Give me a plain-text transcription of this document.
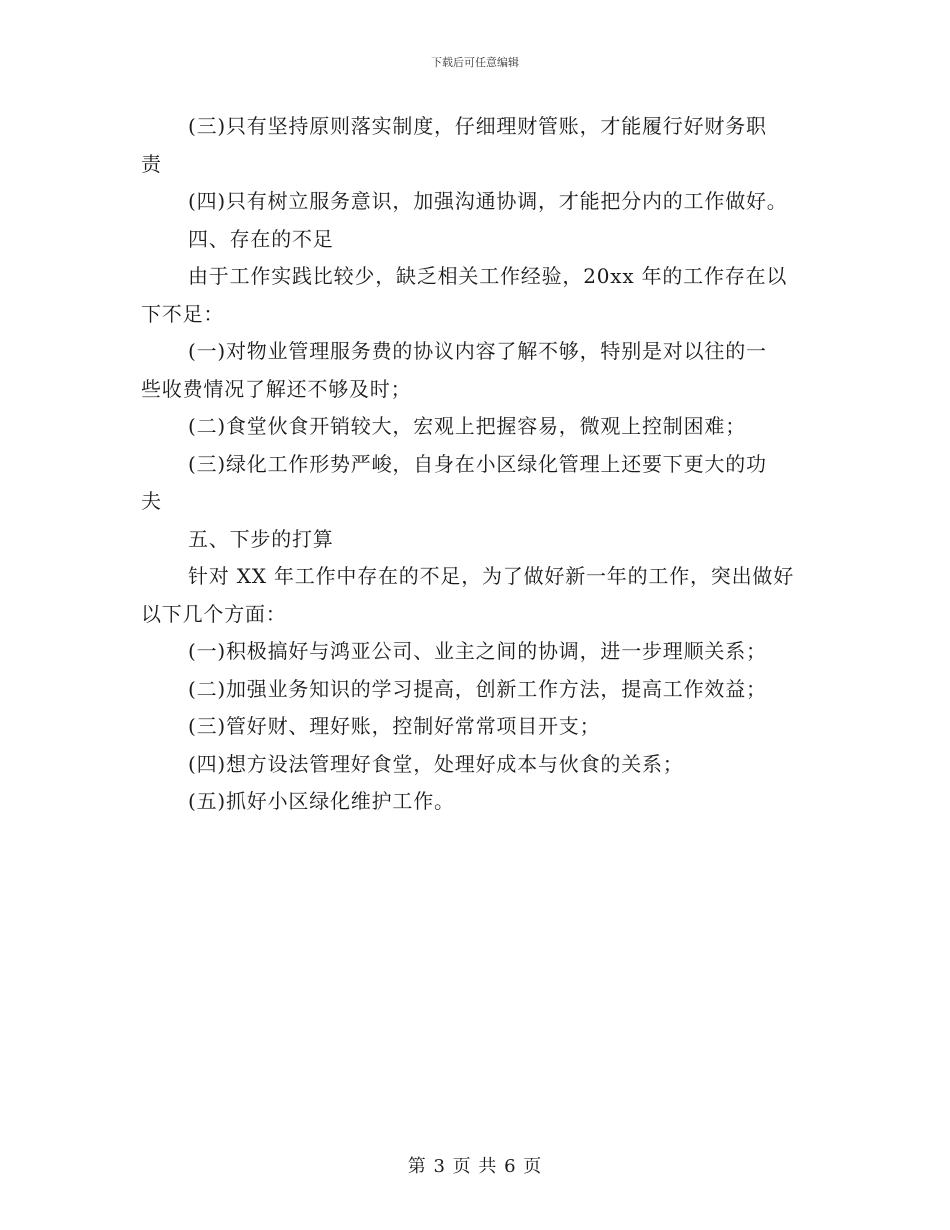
下载后可任意编辑

(三)只有坚持原则落实制度，仔细理财管账，才能履行好财务职

责

(四)只有树立服务意识，加强沟通协调，才能把分内的工作做好。

四、存在的不足

由于工作实践比较少，缺乏相关工作经验，20xx 年的工作存在以

下不足：

(一)对物业管理服务费的协议内容了解不够，特别是对以往的一

些收费情况了解还不够及时；

(二)食堂伙食开销较大，宏观上把握容易，微观上控制困难；

(三)绿化工作形势严峻，自身在小区绿化管理上还要下更大的功

夫

五、下步的打算

针对 XX 年工作中存在的不足，为了做好新一年的工作，突出做好

以下几个方面：

(一)积极搞好与鸿亚公司、业主之间的协调，进一步理顺关系；

(二)加强业务知识的学习提高，创新工作方法，提高工作效益；

(三)管好财、理好账，控制好常常项目开支；

(四)想方设法管理好食堂，处理好成本与伙食的关系；

(五)抓好小区绿化维护工作。

第 3 页 共 6 页
